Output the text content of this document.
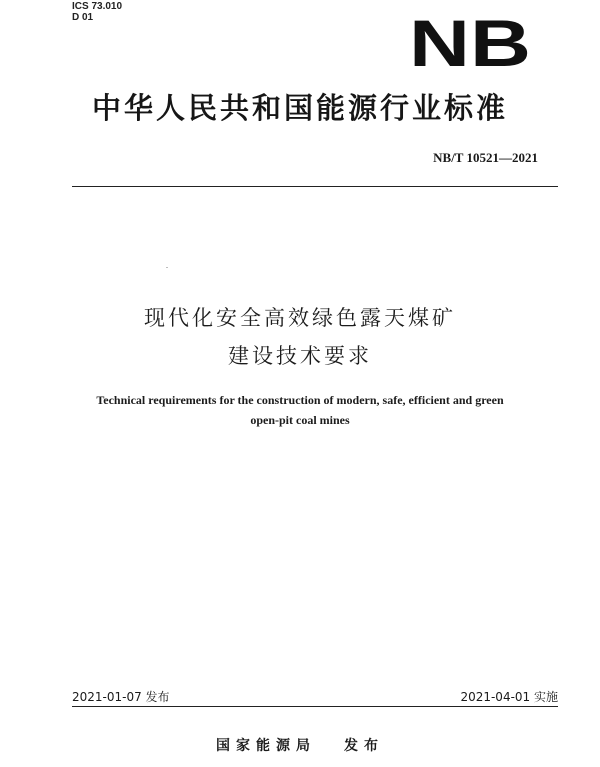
ICS 73.010
D 01	NB
中华人民共和国能源行业标准
NB/T 10521—2021
现代化安全高效绿色露天煤矿
建设技术要求
Technical requirements for the construction of modern, safe, efficient and green
open-pit coal mines
2021-01-07 发布	2021-04-01 实施
国家能源局 发布
